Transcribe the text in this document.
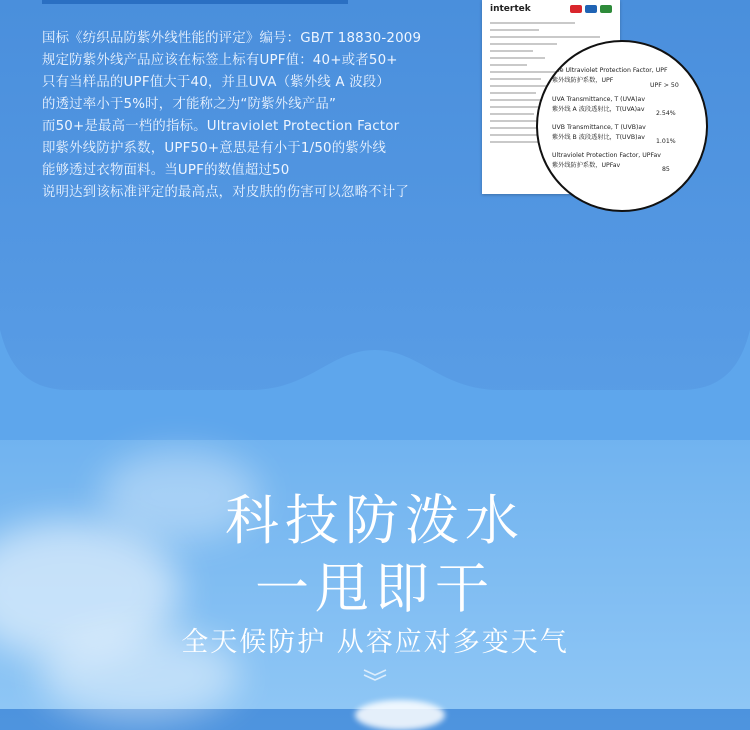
国标《纺织品防紫外线性能的评定》编号：GB/T 18830-2009
规定防紫外线产品应该在标签上标有UPF值：40+或者50+
只有当样品的UPF值大于40，并且UVA（紫外线 A 波段）
的透过率小于5%时，才能称之为“防紫外线产品”
而50+是最高一档的指标。Ultraviolet Protection Factor
即紫外线防护系数，UPF50+意思是有小于1/50的紫外线
能够透过衣物面料。当UPF的数值超过50
说明达到该标准评定的最高点，对皮肤的伤害可以忽略不计了
intertek
The Ultraviolet Protection Factor, UPF
紫外线防护系数，UPF
UPF > 50
UVA Transmittance, T (UVA)av
紫外线 A 波段透射比，T(UVA)av
2.54%
UVB Transmittance, T (UVB)av
紫外线 B 波段透射比，T(UVB)av
1.01%
Ultraviolet Protection Factor, UPFav
紫外线防护系数，UPFav
85
科技防泼水
一甩即干
全天候防护 从容应对多变天气
